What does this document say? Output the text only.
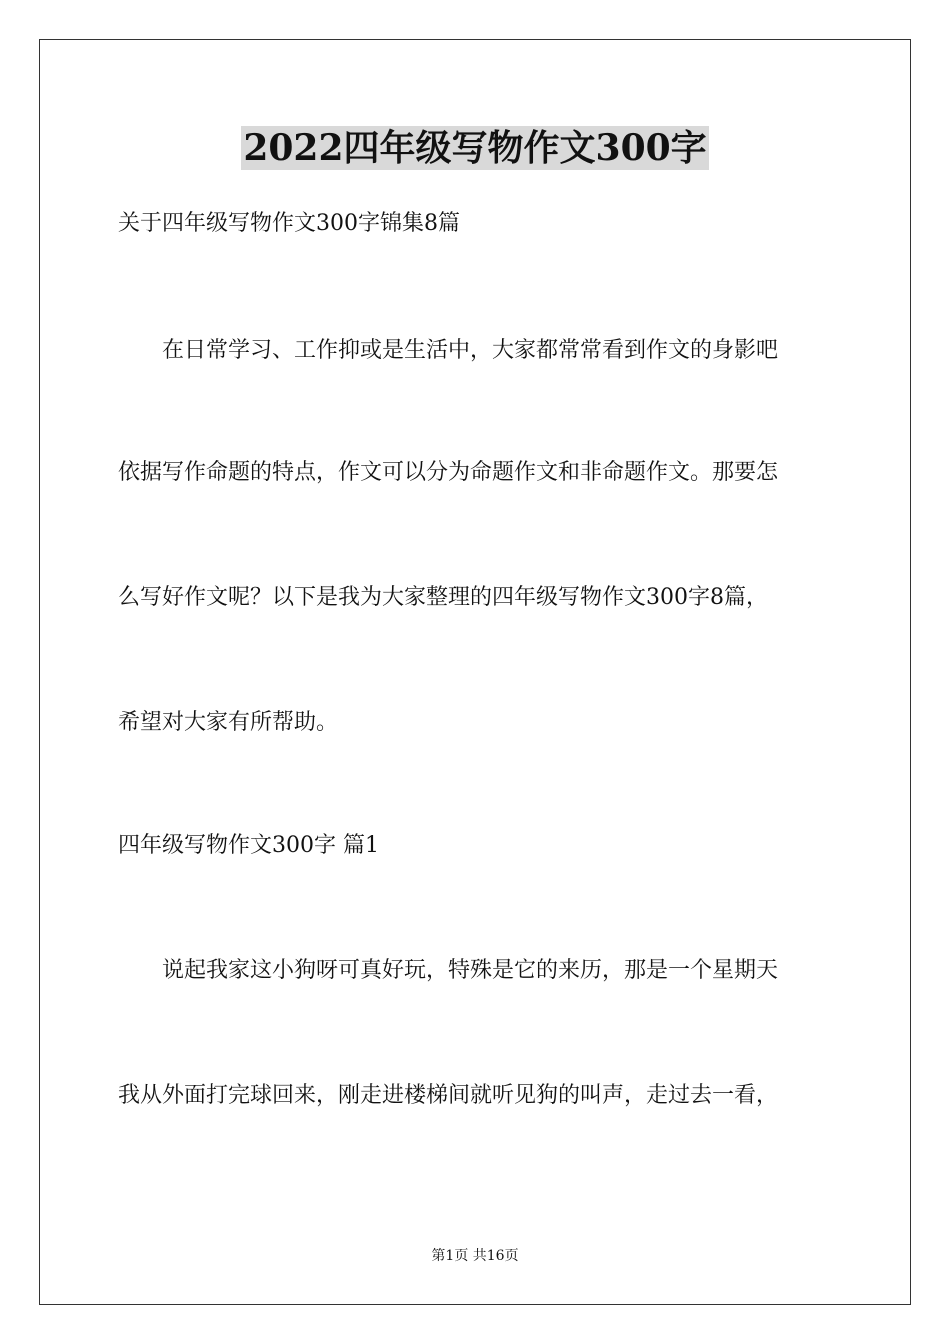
2022四年级写物作文300字
关于四年级写物作文300字锦集8篇
　　在日常学习、工作抑或是生活中，大家都常常看到作文的身影吧
依据写作命题的特点，作文可以分为命题作文和非命题作文。那要怎
么写好作文呢？以下是我为大家整理的四年级写物作文300字8篇，
希望对大家有所帮助。
四年级写物作文300字 篇1
　　说起我家这小狗呀可真好玩，特殊是它的来历，那是一个星期天
我从外面打完球回来，刚走进楼梯间就听见狗的叫声，走过去一看，
第1页 共16页
